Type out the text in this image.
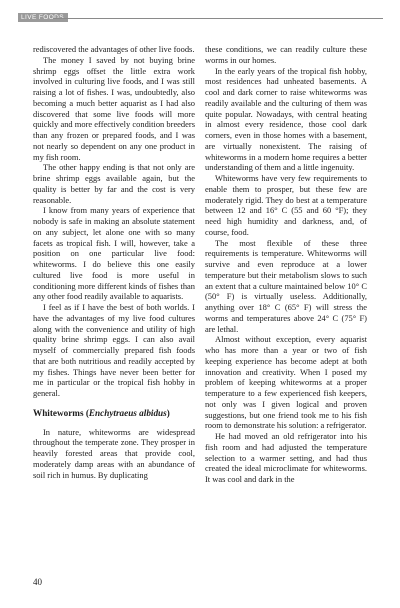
LIVE FOODS

rediscovered the advantages of other live foods.

The money I saved by not buying brine shrimp eggs offset the little extra work involved in culturing live foods, and I was still raising a lot of fishes. I was, undoubtedly, also becoming a much better aquarist as I had also discovered that some live foods will more quickly and more effectively condition breeders than any frozen or prepared foods, and I was not nearly so dependent on any one product in my fish room.

The other happy ending is that not only are brine shrimp eggs available again, but the quality is better by far and the cost is very reasonable.

I know from many years of experience that nobody is safe in making an absolute statement on any subject, let alone one with so many facets as tropical fish. I will, however, take a position on one particular live food: whiteworms. I do believe this one easily cultured live food is more useful in conditioning more different kinds of fishes than any other food readily available to aquarists.

I feel as if I have the best of both worlds. I have the advantages of my live food cultures along with the convenience and utility of high quality brine shrimp eggs. I can also avail myself of commercially prepared fish foods that are both nutritious and readily accepted by my fishes. Things have never been better for me in particular or the tropical fish hobby in general.

Whiteworms (Enchytraeus albidus)

In nature, whiteworms are widespread throughout the temperate zone. They prosper in heavily forested areas that provide cool, moderately damp areas with an abundance of soil rich in humus. By duplicating

these conditions, we can readily culture these worms in our homes.

In the early years of the tropical fish hobby, most residences had unheated basements. A cool and dark corner to raise whiteworms was readily available and the culturing of them was quite popular. Nowadays, with central heating in almost every residence, those cool dark corners, even in those homes with a basement, are virtually nonexistent. The raising of whiteworms in a modern home requires a better understanding of them and a little ingenuity.

Whiteworms have very few requirements to enable them to prosper, but these few are moderately rigid. They do best at a temperature between 12 and 16° C (55 and 60 °F); they need high humidity and darkness, and, of course, food.

The most flexible of these three requirements is temperature. Whiteworms will survive and even reproduce at a lower temperature but their metabolism slows to such an extent that a culture maintained below 10° C (50° F) is virtually useless. Additionally, anything over 18° C (65° F) will stress the worms and temperatures above 24° C (75° F) are lethal.

Almost without exception, every aquarist who has more than a year or two of fish keeping experience has become adept at both innovation and creativity. When I posed my problem of keeping whiteworms at a proper temperature to a few experienced fish keepers, not only was I given logical and proven suggestions, but one friend took me to his fish room to demonstrate his solution: a refrigerator.

He had moved an old refrigerator into his fish room and had adjusted the temperature selection to a warmer setting, and had thus created the ideal microclimate for whiteworms. It was cool and dark in the

40
